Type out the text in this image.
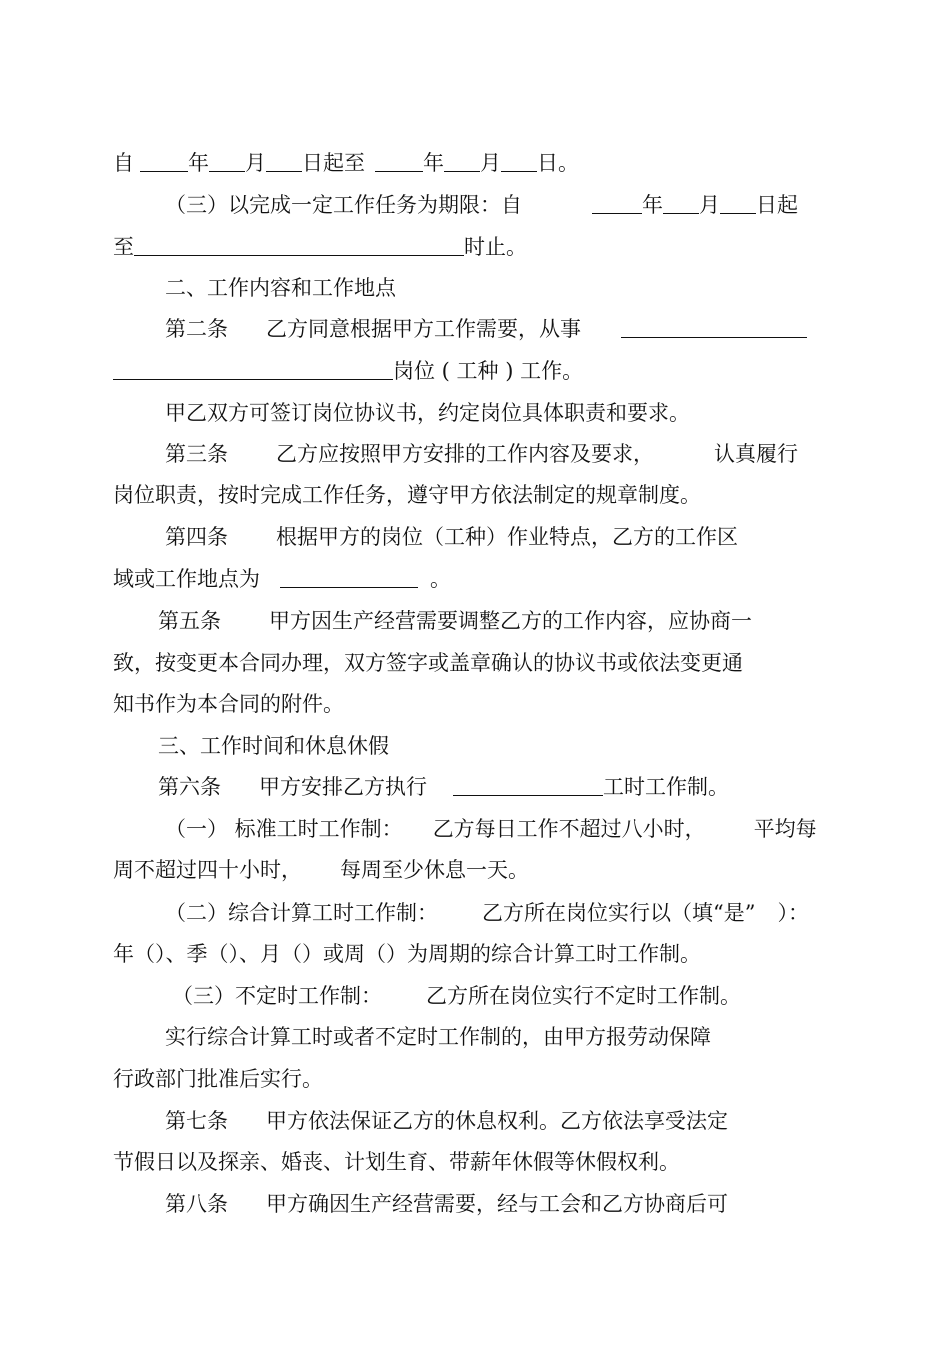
自	年 月 日起至	年 月 日。
（三）以完成一定工作任务为期限：自	年 月 日起
至	时止。
二、工作内容和工作地点
第二条 乙方同意根据甲方工作需要，从事
岗位 ( 工种 ) 工作。
甲乙双方可签订岗位协议书，约定岗位具体职责和要求。
第三条 乙方应按照甲方安排的工作内容及要求，	认真履行
岗位职责，按时完成工作任务，遵守甲方依法制定的规章制度。
第四条 根据甲方的岗位（工种）作业特点，乙方的工作区
域或工作地点为	。
第五条 甲方因生产经营需要调整乙方的工作内容，应协商一
致，按变更本合同办理，双方签字或盖章确认的协议书或依法变更通
知书作为本合同的附件。
三、工作时间和休息休假
第六条 甲方安排乙方执行	工时工作制。
（一） 标准工时工作制： 乙方每日工作不超过八小时， 平均每
周不超过四十小时， 每周至少休息一天。
（二）综合计算工时工作制： 乙方所在岗位实行以（填“是” ）：
年（）、季（）、月（）或周（）为周期的综合计算工时工作制。
（三）不定时工作制： 乙方所在岗位实行不定时工作制。
实行综合计算工时或者不定时工作制的，由甲方报劳动保障
行政部门批准后实行。
第七条 甲方依法保证乙方的休息权利。乙方依法享受法定
节假日以及探亲、婚丧、计划生育、带薪年休假等休假权利。
第八条 甲方确因生产经营需要，经与工会和乙方协商后可
